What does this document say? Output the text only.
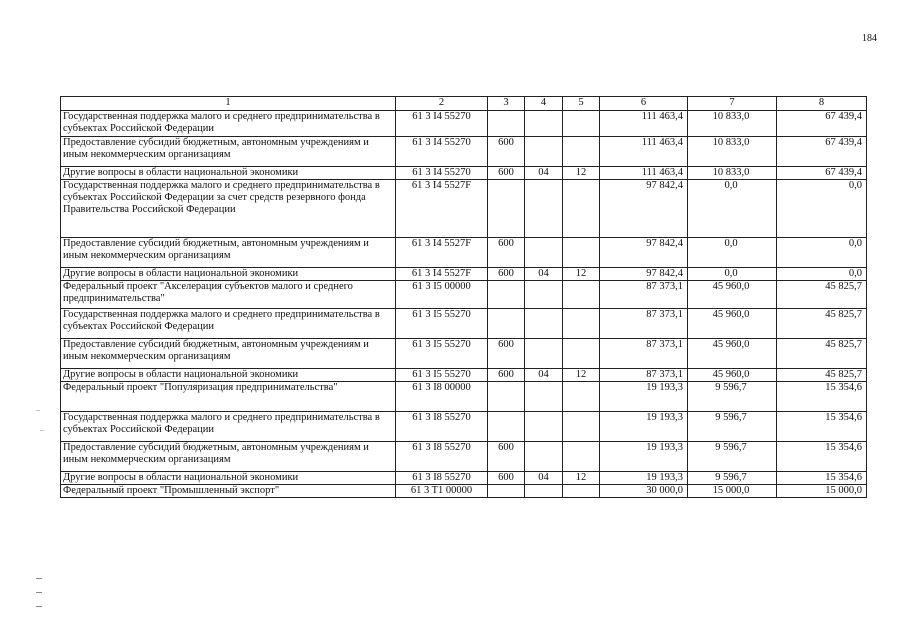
184
1	2	3	4	5	6	7	8
Государственная поддержка малого и среднего предпринимательства в субъектах Российской Федерации	61 3 I4 55270				111 463,4	10 833,0	67 439,4
Предоставление субсидий бюджетным, автономным учреждениям и иным некоммерческим организациям	61 3 I4 55270	600			111 463,4	10 833,0	67 439,4
Другие вопросы в области национальной экономики	61 3 I4 55270	600	04	12	111 463,4	10 833,0	67 439,4
Государственная поддержка малого и среднего предпринимательства в субъектах Российской Федерации за счет средств резервного фонда Правительства Российской Федерации	61 3 I4 5527F				97 842,4	0,0	0,0
Предоставление субсидий бюджетным, автономным учреждениям и иным некоммерческим организациям	61 3 I4 5527F	600			97 842,4	0,0	0,0
Другие вопросы в области национальной экономики	61 3 I4 5527F	600	04	12	97 842,4	0,0	0,0
Федеральный проект "Акселерация субъектов малого и среднего предпринимательства"	61 3 I5 00000				87 373,1	45 960,0	45 825,7
Государственная поддержка малого и среднего предпринимательства в субъектах Российской Федерации	61 3 I5 55270				87 373,1	45 960,0	45 825,7
Предоставление субсидий бюджетным, автономным учреждениям и иным некоммерческим организациям	61 3 I5 55270	600			87 373,1	45 960,0	45 825,7
Другие вопросы в области национальной экономики	61 3 I5 55270	600	04	12	87 373,1	45 960,0	45 825,7
Федеральный проект "Популяризация предпринимательства"	61 3 I8 00000				19 193,3	9 596,7	15 354,6
Государственная поддержка малого и среднего предпринимательства в субъектах Российской Федерации	61 3 I8 55270				19 193,3	9 596,7	15 354,6
Предоставление субсидий бюджетным, автономным учреждениям и иным некоммерческим организациям	61 3 I8 55270	600			19 193,3	9 596,7	15 354,6
Другие вопросы в области национальной экономики	61 3 I8 55270	600	04	12	19 193,3	9 596,7	15 354,6
Федеральный проект "Промышленный экспорт"	61 3 T1 00000				30 000,0	15 000,0	15 000,0
–
–
